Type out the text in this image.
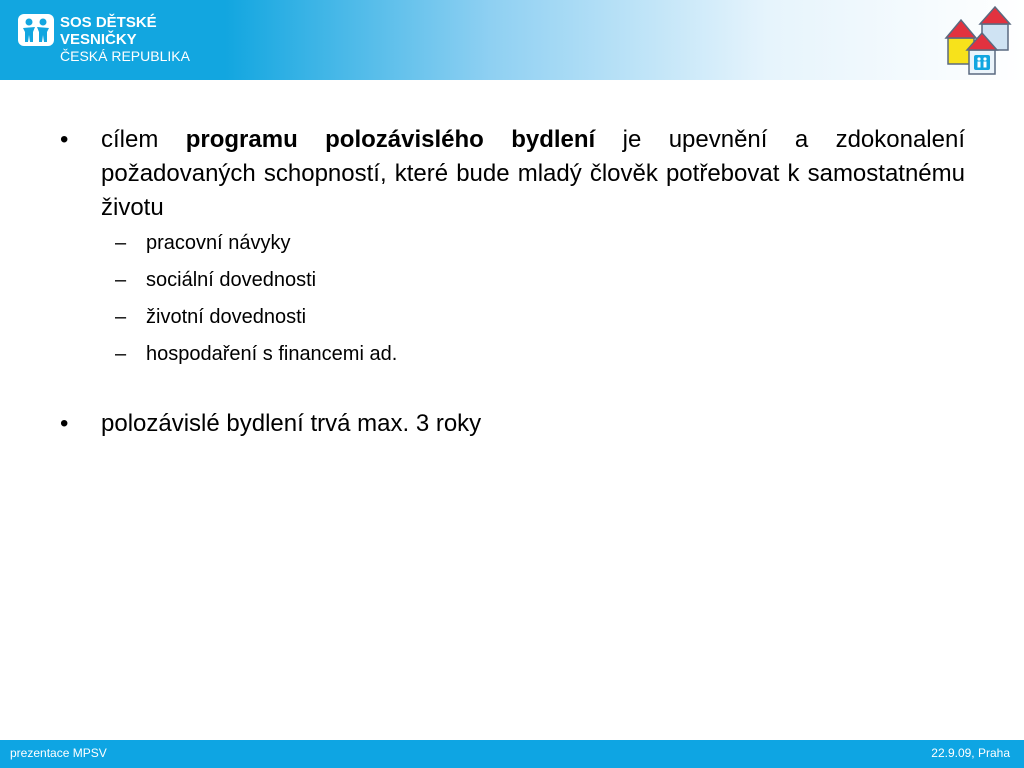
SOS DĚTSKÉ
VESNIČKY
ČESKÁ REPUBLIKA
• cílem programu polozávislého bydlení je upevnění a zdokonalení požadovaných schopností, které bude mladý člověk potřebovat k samostatnému životu
– pracovní návyky
– sociální dovednosti
– životní dovednosti
– hospodaření s financemi ad.
• polozávislé bydlení trvá max. 3 roky
prezentace MPSV	22.9.09, Praha
